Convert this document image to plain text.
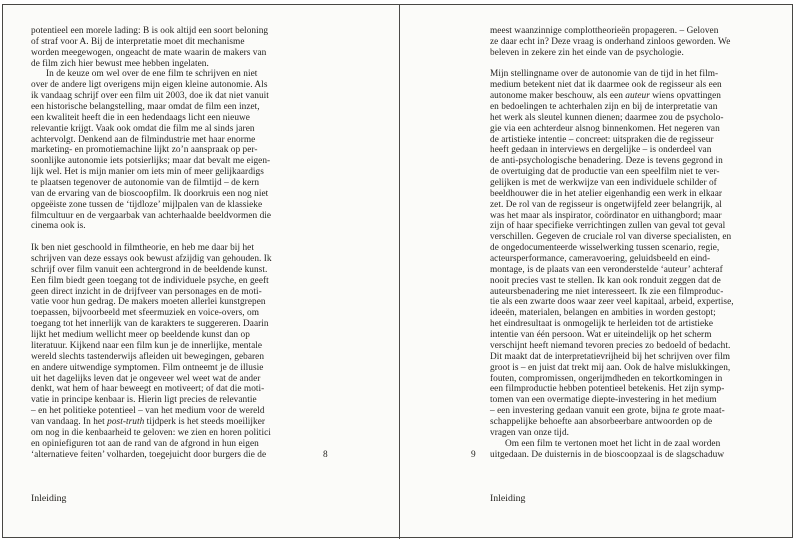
potentieel een morele lading: B is ook altijd een soort beloning
of straf voor A. Bij de interpretatie moet dit mechanisme
worden meegewogen, ongeacht de mate waarin de makers van
de film zich hier bewust mee hebben ingelaten.
In de keuze om wel over de ene film te schrijven en niet
over de andere ligt overigens mijn eigen kleine autonomie. Als
ik vandaag schrijf over een film uit 2003, doe ik dat niet vanuit
een historische belangstelling, maar omdat de film een inzet,
een kwaliteit heeft die in een hedendaags licht een nieuwe
relevantie krijgt. Vaak ook omdat die film me al sinds jaren
achtervolgt. Denkend aan de filmindustrie met haar enorme
marketing- en promotiemachine lijkt zo’n aanspraak op per-
soonlijke autonomie iets potsierlijks; maar dat bevalt me eigen-
lijk wel. Het is mijn manier om iets min of meer gelijkaardigs
te plaatsen tegenover de autonomie van de filmtijd – de kern
van de ervaring van de bioscoopfilm. Ik doorkruis een nog niet
opgeëiste zone tussen de ‘tijdloze’ mijlpalen van de klassieke
filmcultuur en de vergaarbak van achterhaalde beeldvormen die
cinema ook is.
Ik ben niet geschoold in filmtheorie, en heb me daar bij het
schrijven van deze essays ook bewust afzijdig van gehouden. Ik
schrijf over film vanuit een achtergrond in de beeldende kunst.
Een film biedt geen toegang tot de individuele psyche, en geeft
geen direct inzicht in de drijfveer van personages en de moti-
vatie voor hun gedrag. De makers moeten allerlei kunstgrepen
toepassen, bijvoorbeeld met sfeermuziek en voice-overs, om
toegang tot het innerlijk van de karakters te suggereren. Daarin
lijkt het medium wellicht meer op beeldende kunst dan op
literatuur. Kijkend naar een film kun je de innerlijke, mentale
wereld slechts tastenderwijs afleiden uit bewegingen, gebaren
en andere uitwendige symptomen. Film ontneemt je de illusie
uit het dagelijks leven dat je ongeveer wel weet wat de ander
denkt, wat hem of haar beweegt en motiveert; of dat die moti-
vatie in principe kenbaar is. Hierin ligt precies de relevantie
– en het politieke potentieel – van het medium voor de wereld
van vandaag. In het post-truth tijdperk is het steeds moeilijker
om nog in die kenbaarheid te geloven: we zien en horen politici
en opiniefiguren tot aan de rand van de afgrond in hun eigen
‘alternatieve feiten’ volharden, toegejuicht door burgers die de	8
Inleiding
meest waanzinnige complottheorieën propageren. – Geloven
ze daar echt in? Deze vraag is onderhand zinloos geworden. We
beleven in zekere zin het einde van de psychologie.
Mijn stellingname over de autonomie van de tijd in het film-
medium betekent niet dat ik daarmee ook de regisseur als een
autonome maker beschouw, als een auteur wiens opvattingen
en bedoelingen te achterhalen zijn en bij de interpretatie van
het werk als sleutel kunnen dienen; daarmee zou de psycholo-
gie via een achterdeur alsnog binnenkomen. Het negeren van
de artistieke intentie – concreet: uitspraken die de regisseur
heeft gedaan in interviews en dergelijke – is onderdeel van
de anti-psychologische benadering. Deze is tevens gegrond in
de overtuiging dat de productie van een speelfilm niet te ver-
gelijken is met de werkwijze van een individuele schilder of
beeldhouwer die in het atelier eigenhandig een werk in elkaar
zet. De rol van de regisseur is ongetwijfeld zeer belangrijk, al
was het maar als inspirator, coördinator en uithangbord; maar
zijn of haar specifieke verrichtingen zullen van geval tot geval
verschillen. Gegeven de cruciale rol van diverse specialisten, en
de ongedocumenteerde wisselwerking tussen scenario, regie,
acteursperformance, cameravoering, geluidsbeeld en eind-
montage, is de plaats van een veronderstelde ‘auteur’ achteraf
nooit precies vast te stellen. Ik kan ook ronduit zeggen dat de
auteursbenadering me niet interesseert. Ik zie een filmproduc-
tie als een zwarte doos waar zeer veel kapitaal, arbeid, expertise,
ideeën, materialen, belangen en ambities in worden gestopt;
het eindresultaat is onmogelijk te herleiden tot de artistieke
intentie van één persoon. Wat er uiteindelijk op het scherm
verschijnt heeft niemand tevoren precies zo bedoeld of bedacht.
Dit maakt dat de interpretatievrijheid bij het schrijven over film
groot is – en juist dat trekt mij aan. Ook de halve mislukkingen,
fouten, compromissen, ongerijmdheden en tekortkomingen in
een filmproductie hebben potentieel betekenis. Het zijn symp-
tomen van een overmatige diepte-investering in het medium
– een investering gedaan vanuit een grote, bijna te grote maat-
schappelijke behoefte aan absorbeerbare antwoorden op de
vragen van onze tijd.
Om een film te vertonen moet het licht in de zaal worden
uitgedaan. De duisternis in de bioscoopzaal is de slagschaduw
9
Inleiding
